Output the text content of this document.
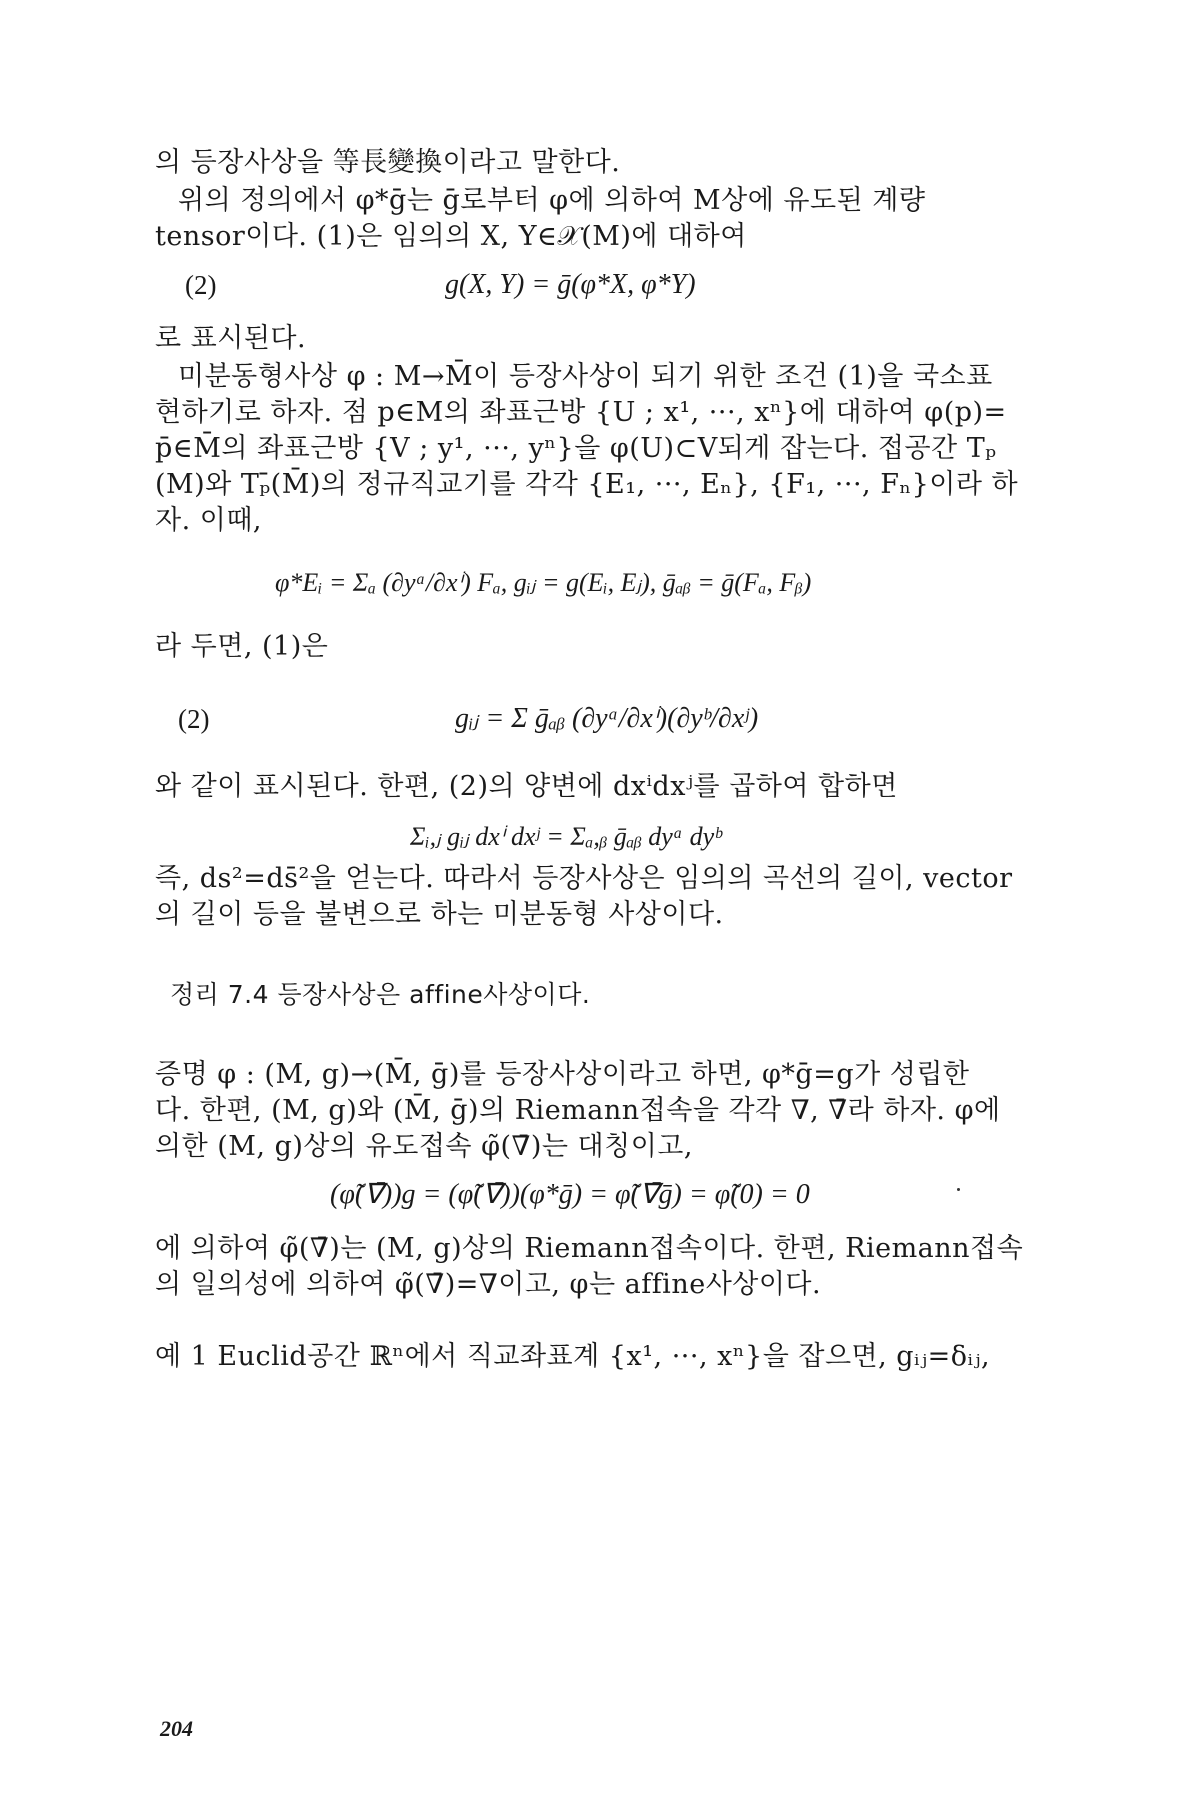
의 등장사상을 等長變換이라고 말한다.
위의 정의에서 φ*ḡ는 ḡ로부터 φ에 의하여 M상에 유도된 계량
tensor이다. (1)은 임의의 X, Y∈𝒳(M)에 대하여
(2)	g(X, Y) = ḡ(φ*X, φ*Y)
로 표시된다.
미분동형사상 φ : M→M̄이 등장사상이 되기 위한 조건 (1)을 국소표
현하기로 하자. 점 p∈M의 좌표근방 {U ; x¹, ···, xⁿ}에 대하여 φ(p)=
p̄∈M̄의 좌표근방 {V ; y¹, ···, yⁿ}을 φ(U)⊂V되게 잡는다. 접공간 Tₚ
(M)와 Tₚ̄(M̄)의 정규직교기를 각각 {E₁, ···, Eₙ}, {F₁, ···, Fₙ}이라 하
자. 이때,
φ*Eᵢ = Σₐ (∂yᵃ/∂xⁱ) Fₐ, gᵢⱼ = g(Eᵢ, Eⱼ), ḡₐᵦ = ḡ(Fₐ, Fᵦ)
라 두면, (1)은
(2)	gᵢⱼ = Σ ḡₐᵦ (∂yᵃ/∂xⁱ)(∂yᵇ/∂xʲ)
와 같이 표시된다. 한편, (2)의 양변에 dxⁱdxʲ를 곱하여 합하면
Σᵢ,ⱼ gᵢⱼ dxⁱ dxʲ = Σₐ,ᵦ ḡₐᵦ dyᵃ dyᵇ
즉, ds²=ds̄²을 얻는다. 따라서 등장사상은 임의의 곡선의 길이, vector
의 길이 등을 불변으로 하는 미분동형 사상이다.
정리 7.4 등장사상은 affine사상이다.
증명 φ : (M, g)→(M̄, ḡ)를 등장사상이라고 하면, φ*ḡ=g가 성립한
다. 한편, (M, g)와 (M̄, ḡ)의 Riemann접속을 각각 ∇, ∇̄라 하자. φ에
의한 (M, g)상의 유도접속 φ̃(∇̄)는 대칭이고,
(φ̃(∇̄))g = (φ̃(∇̄))(φ*ḡ) = φ̃(∇̄ḡ) = φ̃(0) = 0
에 의하여 φ̃(∇̄)는 (M, g)상의 Riemann접속이다. 한편, Riemann접속
의 일의성에 의하여 φ̃(∇̄)=∇이고, φ는 affine사상이다.
예 1 Euclid공간 ℝⁿ에서 직교좌표계 {x¹, ···, xⁿ}을 잡으면, gᵢⱼ=δᵢⱼ,
204
